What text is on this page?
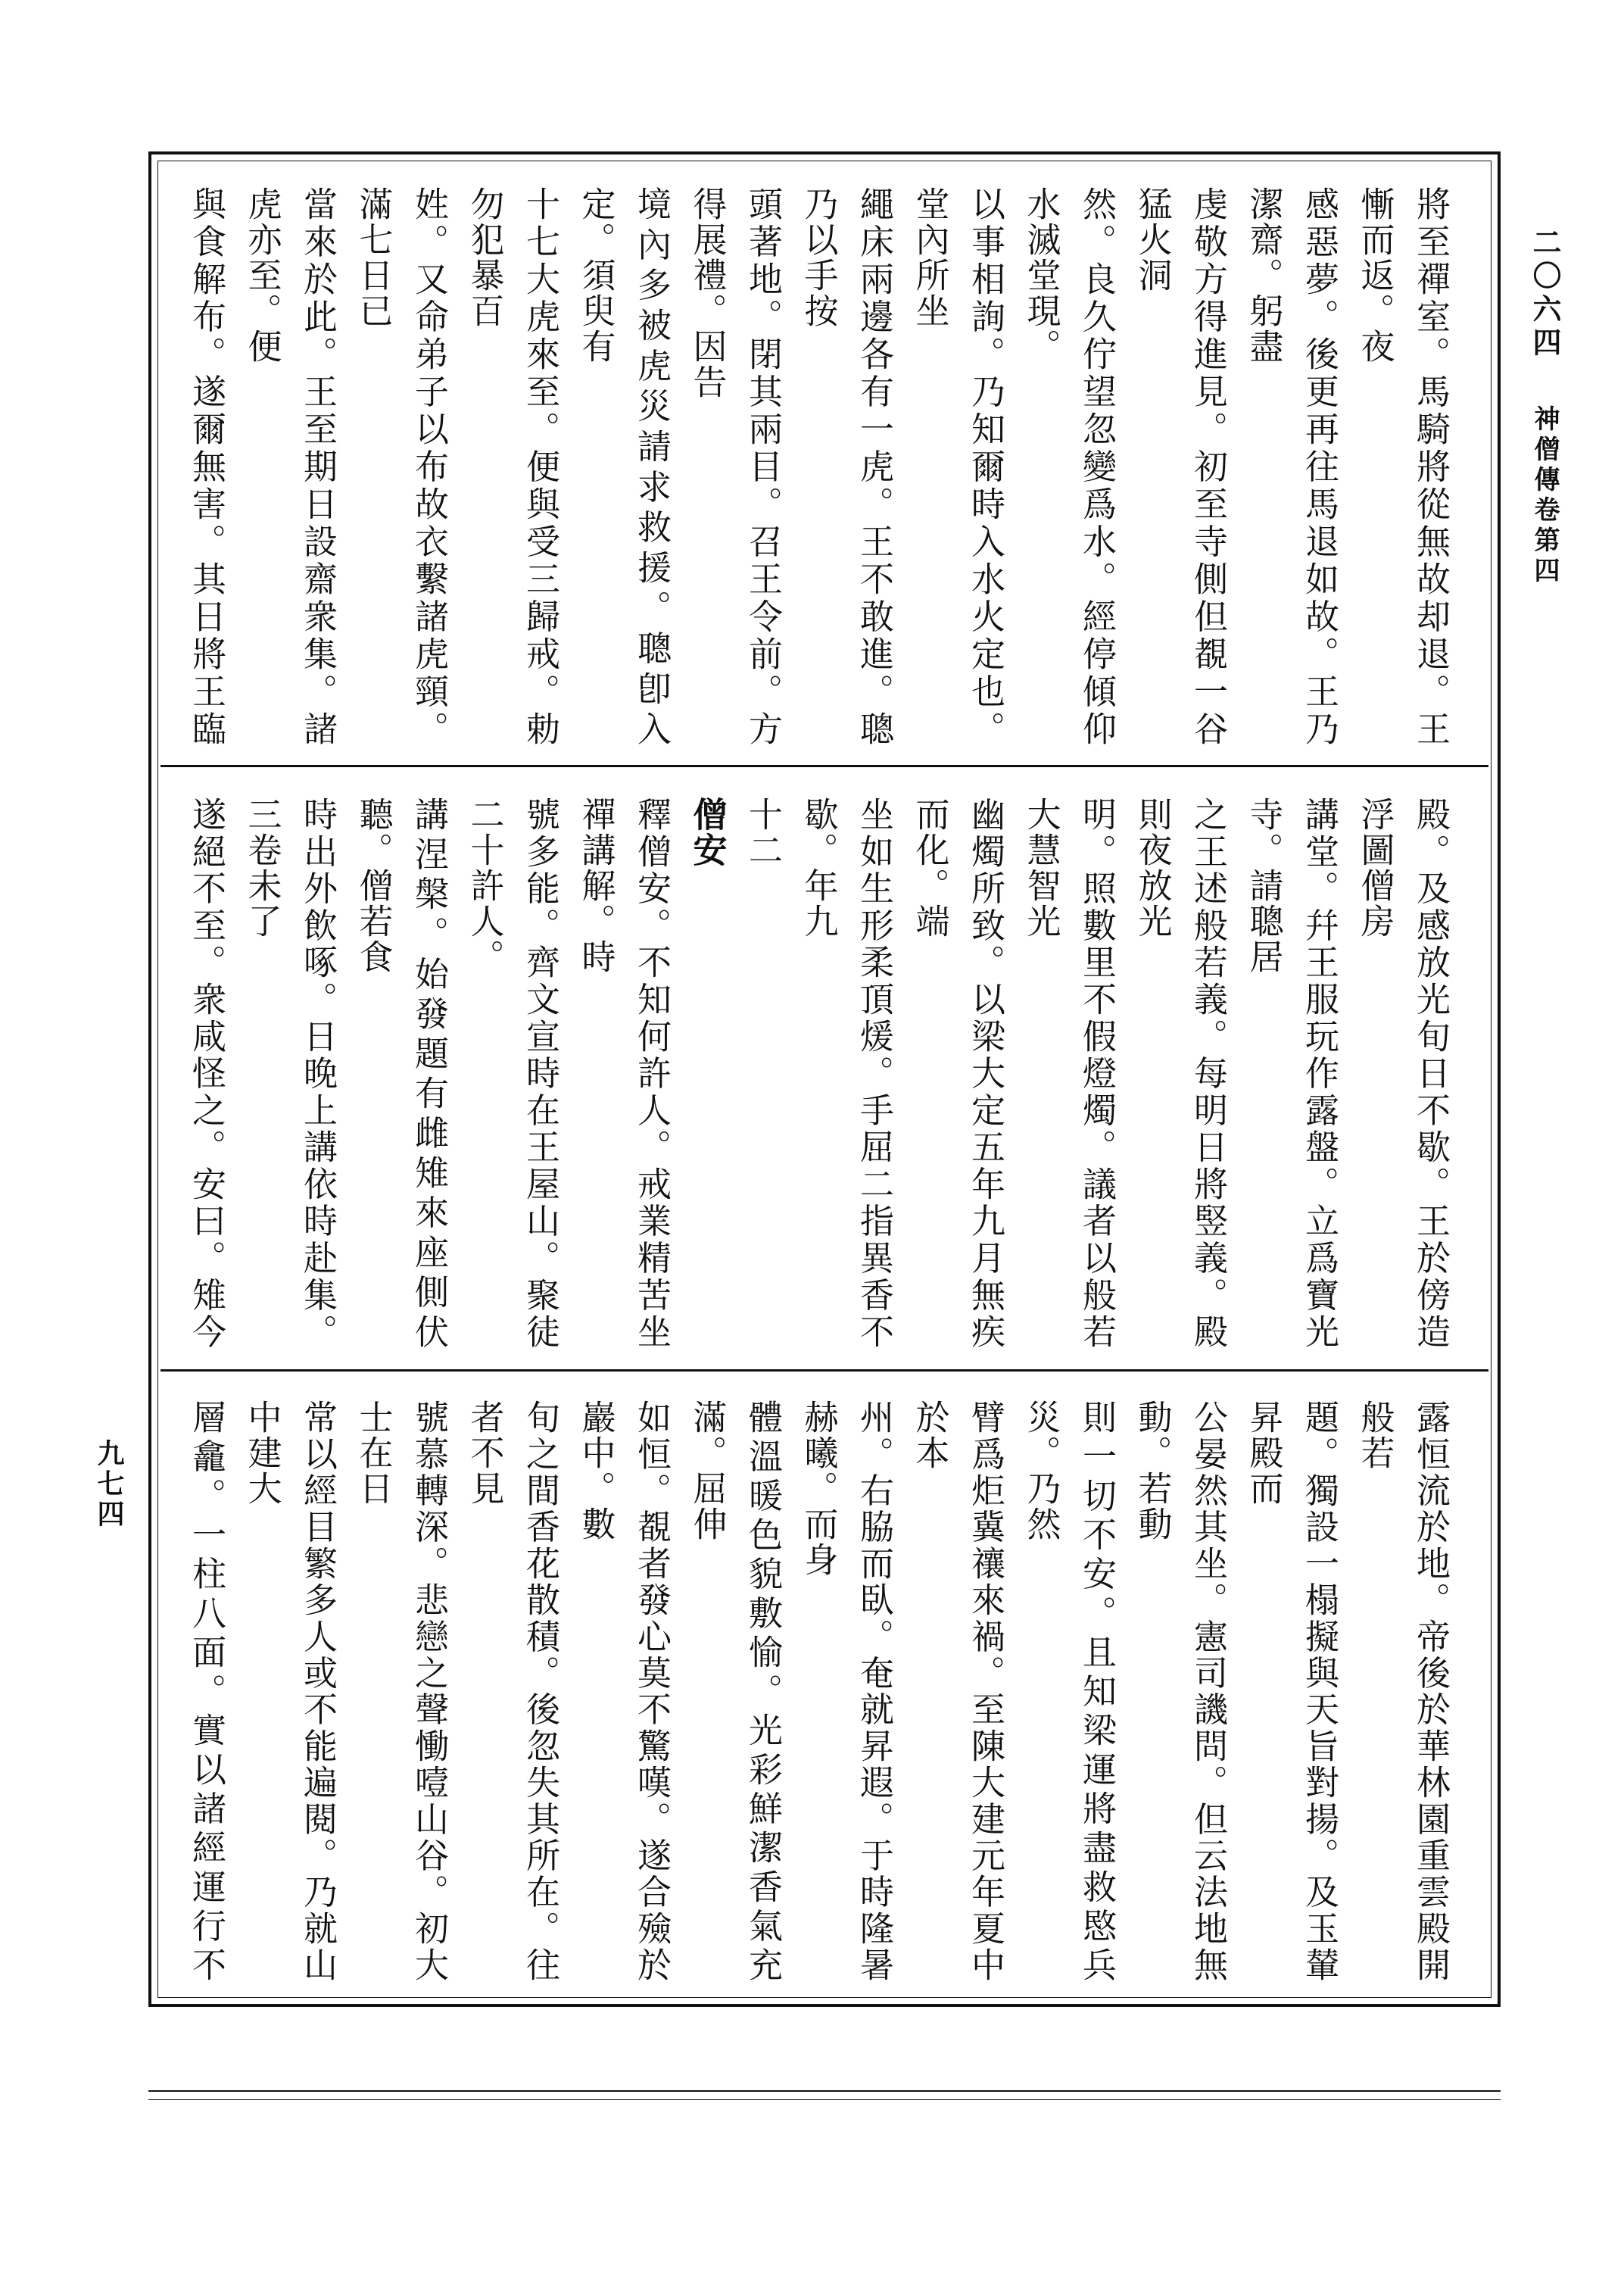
二〇六四 神僧傳卷第四
九七四
將至禪室。馬騎將從無故却退。王慚而返。夜
感惡夢。後更再往馬退如故。王乃潔齋。躬盡
虔敬方得進見。初至寺側但覩一谷猛火洞
然。良久佇望忽變爲水。經停傾仰水滅堂現。
以事相詢。乃知爾時入水火定也。堂內所坐
繩床兩邊各有一虎。王不敢進。聰乃以手按
頭著地。閉其兩目。召王令前。方得展禮。因告
境內多被虎災請求救援。聰卽入定。須臾有
十七大虎來至。便與受三歸戒。勅勿犯暴百
姓。又命弟子以布故衣繫諸虎頸。滿七日已
當來於此。王至期日設齋衆集。諸虎亦至。便
與食解布。遂爾無害。其日將王臨
殿。及感放光旬日不歇。王於傍造浮圖僧房
講堂。幷王服玩作露盤。立爲寶光寺。請聰居
之王述般若義。每明日將竪義。殿則夜放光
明。照數里不假燈燭。議者以般若大慧智光
幽燭所致。以梁大定五年九月無疾而化。端
坐如生形柔頂煖。手屈二指異香不歇。年九
十二
僧安
釋僧安。不知何許人。戒業精苦坐禪講解。時
號多能。齊文宣時在王屋山。聚徒二十許人。
講涅槃。始發題有雌雉來座側伏聽。僧若食
時出外飲啄。日晚上講依時赴集。三卷未了
遂絕不至。衆咸怪之。安曰。雉今
露恒流於地。帝後於華林園重雲殿開般若
題。獨設一榻擬與天旨對揚。及玉輦昇殿而
公晏然其坐。憲司譏問。但云法地無動。若動
則一切不安。且知梁運將盡救愍兵災。乃然
臂爲炬冀禳來禍。至陳大建元年夏中於本
州。右脇而臥。奄就昇遐。于時隆暑赫曦。而身
體溫暖色貌敷愉。光彩鮮潔香氣充滿。屈伸
如恒。覩者發心莫不驚嘆。遂合殮於巖中。數
旬之間香花散積。後忽失其所在。往者不見
號慕轉深。悲戀之聲慟噎山谷。初大士在日
常以經目繁多人或不能遍閱。乃就山中建大
層龕。一柱八面。實以諸經運行不
